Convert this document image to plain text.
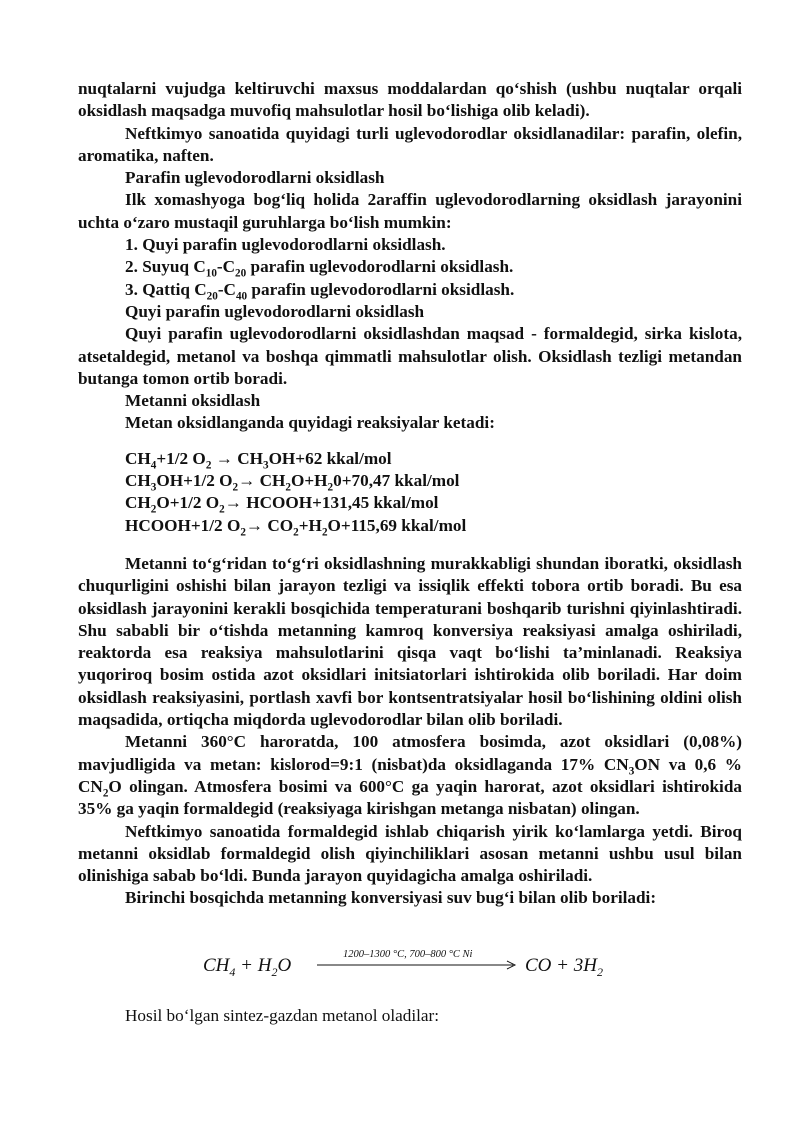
nuqtalarni vujudga keltiruvchi maxsus moddalardan qo‘shish (ushbu nuqtalar orqali oksidlash maqsadga muvofiq mahsulotlar hosil bo‘lishiga olib keladi).

Neftkimyo sanoatida quyidagi turli uglevodorodlar oksidlanadilar: parafin, olefin, aromatika, naften.

Parafin uglevodorodlarni oksidlash

Ilk xomashyoga bog‘liq holida 2araffin uglevodorodlarning oksidlash jarayonini uchta o‘zaro mustaqil guruhlarga bo‘lish mumkin:

1. Quyi parafin uglevodorodlarni oksidlash.

2. Suyuq $C_{10}-C_{20}$ parafin uglevodorodlarni oksidlash.

3. Qattiq $C_{20}-C_{40}$ parafin uglevodorodlarni oksidlash.

Quyi parafin uglevodorodlarni oksidlash

Quyi parafin uglevodorodlarni oksidlashdan maqsad - formaldegid, sirka kislota, atsetaldegid, metanol va boshqa qimmatli mahsulotlar olish. Oksidlash tezligi metandan butanga tomon ortib boradi.

Metanni oksidlash

Metan oksidlanganda quyidagi reaksiyalar ketadi:

$CH_4+1/2$ $O_2 \to CH_3OH+62$ kkal/mol

$CH_3OH+1/2$ $O_2\to CH_2O+H_20+70,47$ kkal/mol

$CH_2O+1/2$ $O_2\to$ HCOOH+131,45 kkal/mol

HCOOH+1/2 $O_2\to CO_2+H_2O+115,69$ kkal/mol

Metanni to‘g‘ridan to‘g‘ri oksidlashning murakkabligi shundan iboratki, oksidlash chuqurligini oshishi bilan jarayon tezligi va issiqlik effekti tobora ortib boradi. Bu esa oksidlash jarayonini kerakli bosqichida temperaturani boshqarib turishni qiyinlashtiradi. Shu sababli bir o‘tishda metanning kamroq konversiya reaksiyasi amalga oshiriladi, reaktorda esa reaksiya mahsulotlarini qisqa vaqt bo‘lishi ta’minlanadi. Reaksiya yuqoriroq bosim ostida azot oksidlari initsiatorlari ishtirokida olib boriladi. Har doim oksidlash reaksiyasini, portlash xavfi bor kontsentratsiyalar hosil bo‘lishining oldini olish maqsadida, ortiqcha miqdorda uglevodorodlar bilan olib boriladi.

Metanni 360°C haroratda, 100 atmosfera bosimda, azot oksidlari (0,08%) mavjudligida va metan: kislorod=9:1 (nisbat)da oksidlaganda 17% $CN_3ON$ va 0,6 % $CN_2O$ olingan. Atmosfera bosimi va 600°C ga yaqin harorat, azot oksidlari ishtirokida 35% ga yaqin formaldegid (reaksiyaga kirishgan metanga nisbatan) olingan.

Neftkimyo sanoatida formaldegid ishlab chiqarish yirik ko‘lamlarga yetdi. Biroq metanni oksidlab formaldegid olish qiyinchiliklari asosan metanni ushbu usul bilan olinishiga sabab bo‘ldi. Bunda jarayon quyidagicha amalga oshiriladi.

Birinchi bosqichda metanning konversiyasi suv bug‘i bilan olib boriladi:

$CH_4 + H_2O$
1200–1300 °C, 700–800 °C Ni
CO + $3H_2$

Hosil bo‘lgan sintez-gazdan metanol oladilar:
